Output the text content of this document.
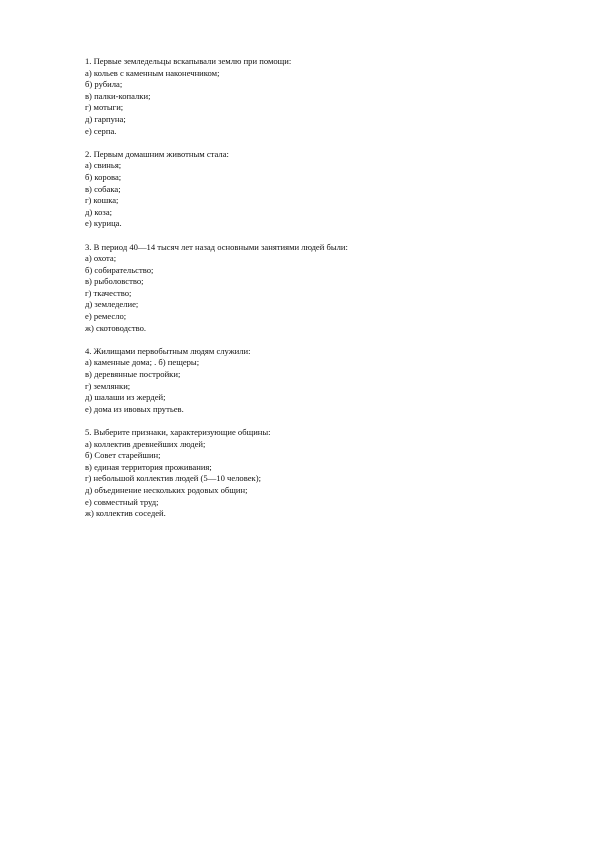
1. Первые земледельцы вскапывали землю при помощи:
а) кольев с каменным наконечником;
б) рубила;
в) палки-копалки;
г) мотыги;
д) гарпуна;
е) серпа.
2. Первым домашним животным стала:
а) свинья;
б) корова;
в) собака;
г) кошка;
д) коза;
е) курица.
3. В период 40—14 тысяч лет назад основными занятиями людей были:
а) охота;
б) собирательство;
в) рыболовство;
г) ткачество;
д) земледелие;
е) ремесло;
ж) скотоводство.
4. Жилищами первобытным людям служили:
а) каменные дома; . б) пещеры;
в) деревянные постройки;
г) землянки;
д) шалаши из жердей;
е) дома из ивовых прутьев.
5. Выберите признаки, характеризующие общины:
а) коллектив древнейших людей;
б) Совет старейшин;
в) единая территория проживания;
г) небольшой коллектив людей (5—10 человек);
д) объединение нескольких родовых общин;
е) совместный труд;
ж) коллектив соседей.
